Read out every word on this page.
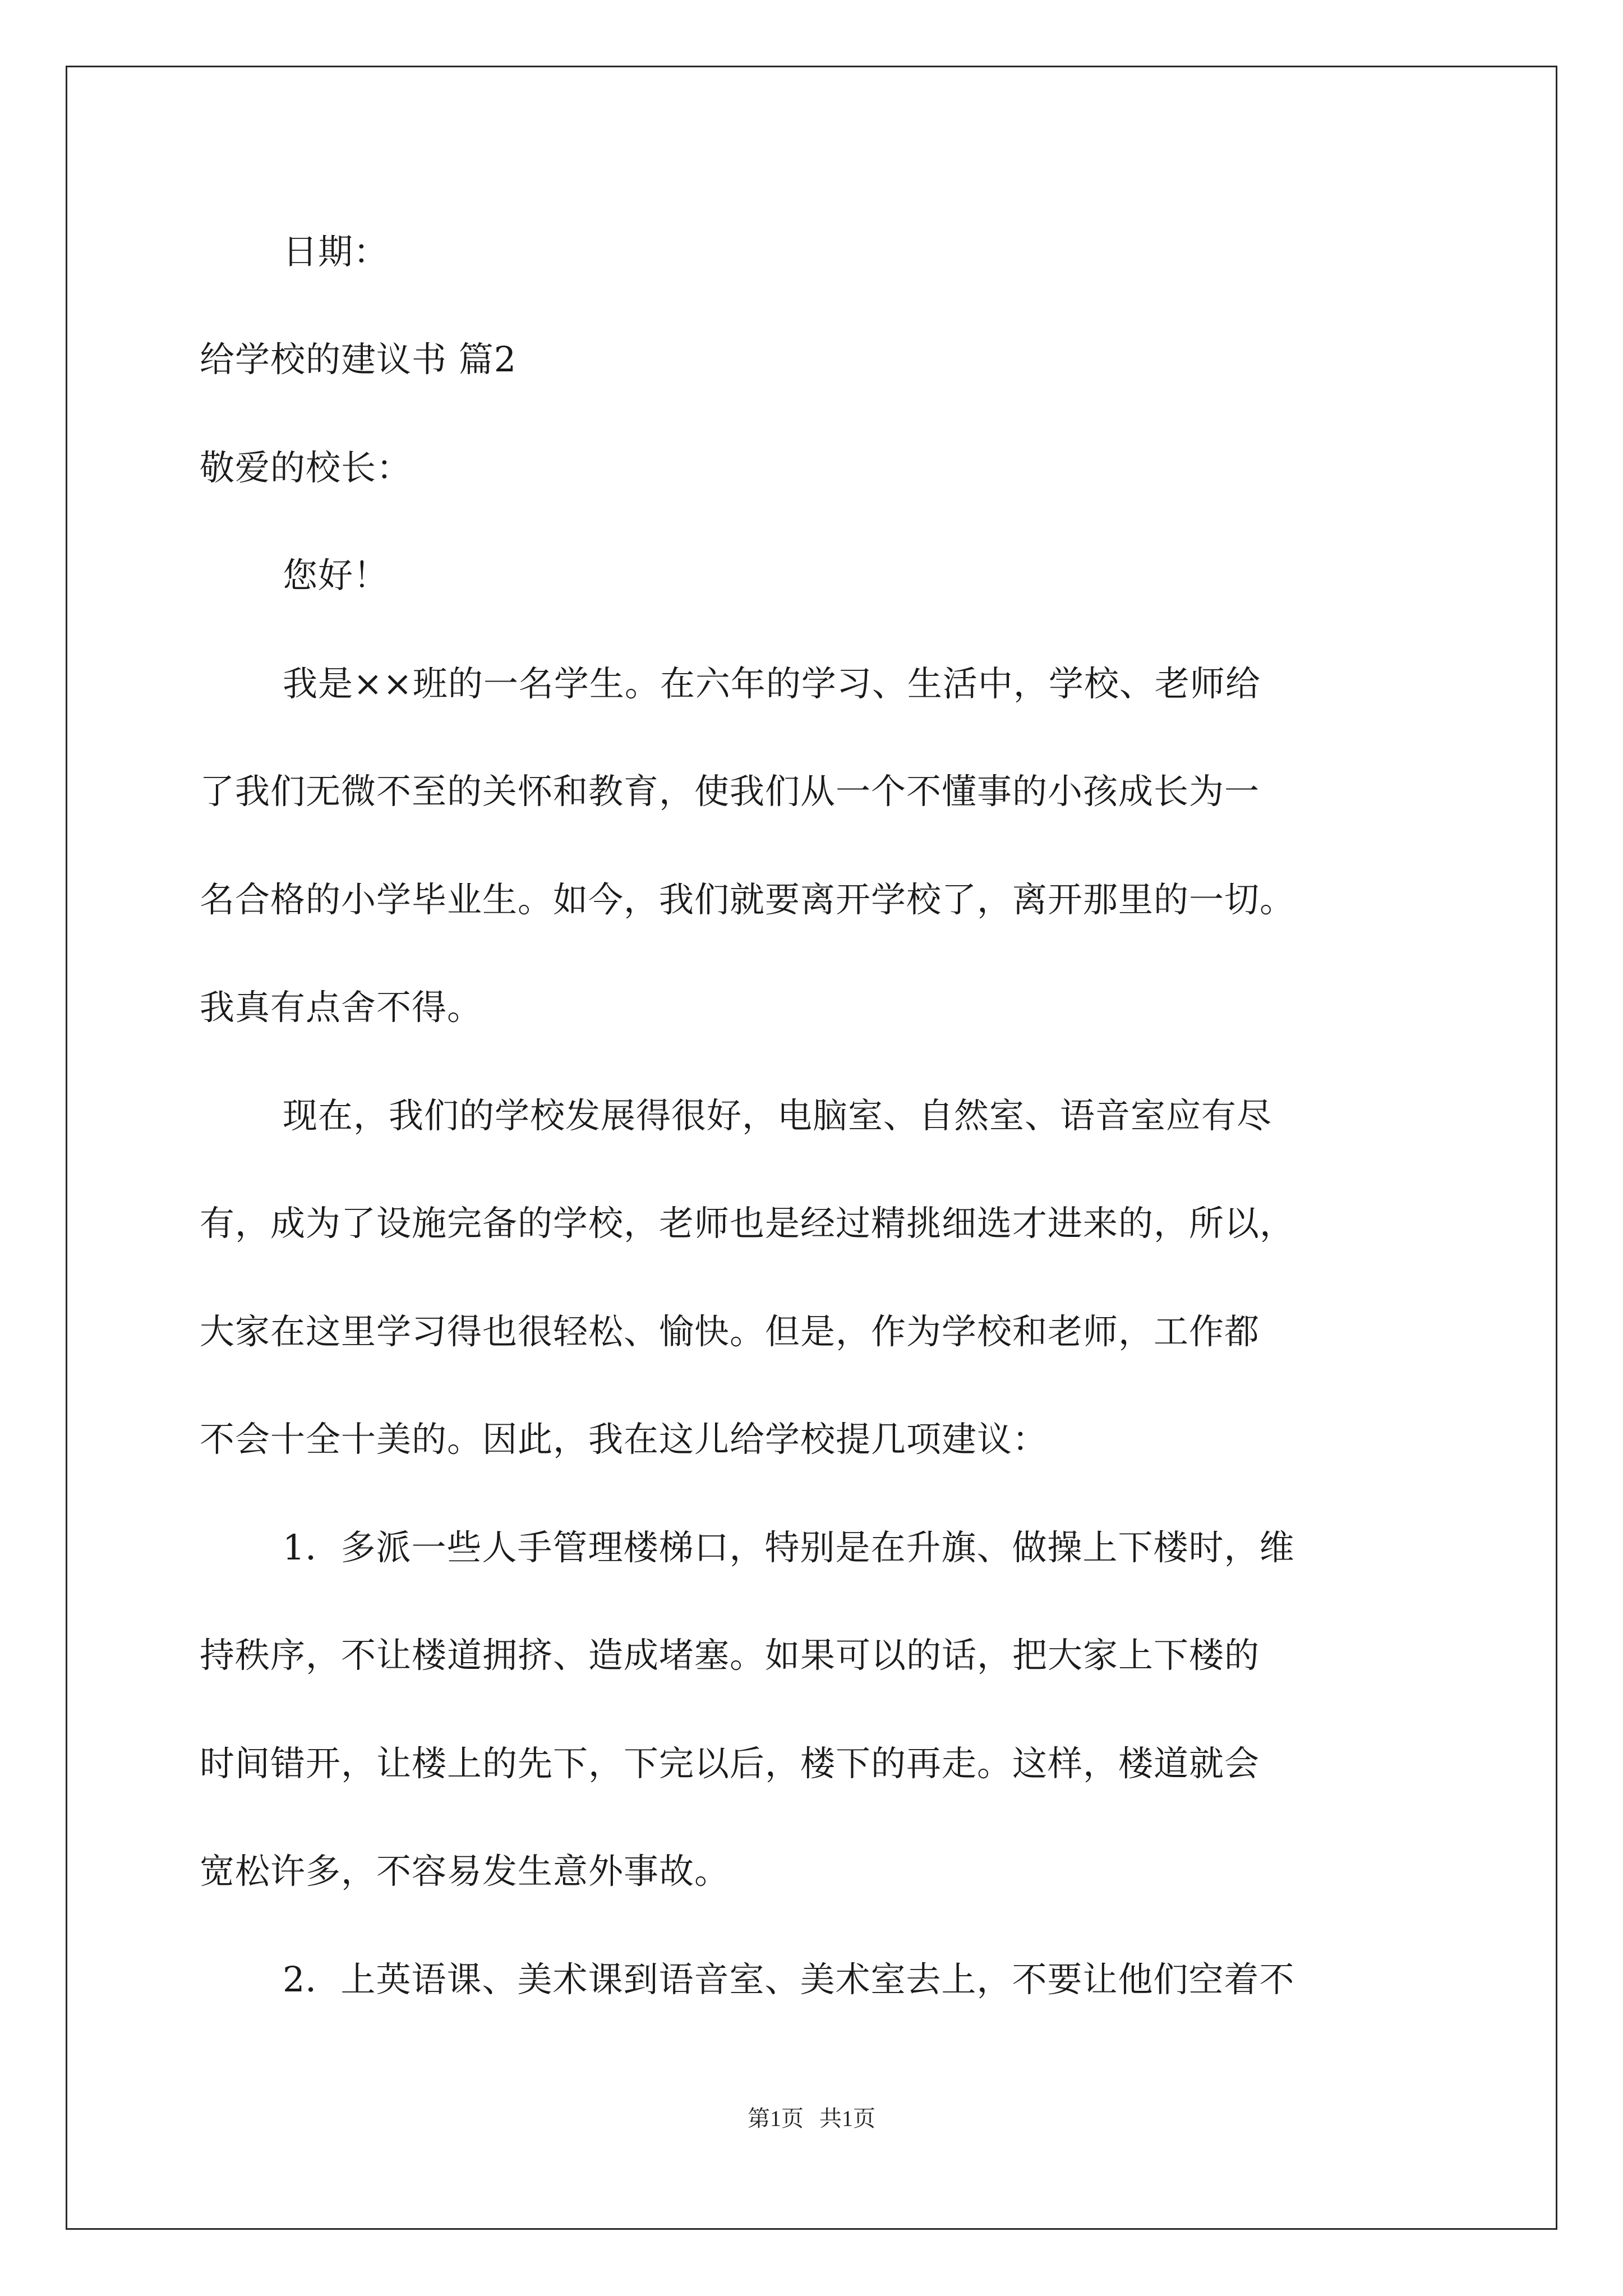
日期：
给学校的建议书 篇2
敬爱的校长：
您好！
我是××班的一名学生。在六年的学习、生活中，学校、老师给
了我们无微不至的关怀和教育，使我们从一个不懂事的小孩成长为一
名合格的小学毕业生。如今，我们就要离开学校了，离开那里的一切。
我真有点舍不得。
现在，我们的学校发展得很好，电脑室、自然室、语音室应有尽
有，成为了设施完备的学校，老师也是经过精挑细选才进来的，所以，
大家在这里学习得也很轻松、愉快。但是，作为学校和老师，工作都
不会十全十美的。因此，我在这儿给学校提几项建议：
1．多派一些人手管理楼梯口，特别是在升旗、做操上下楼时，维
持秩序，不让楼道拥挤、造成堵塞。如果可以的话，把大家上下楼的
时间错开，让楼上的先下，下完以后，楼下的再走。这样，楼道就会
宽松许多，不容易发生意外事故。
2．上英语课、美术课到语音室、美术室去上，不要让他们空着不
第1页 共1页
